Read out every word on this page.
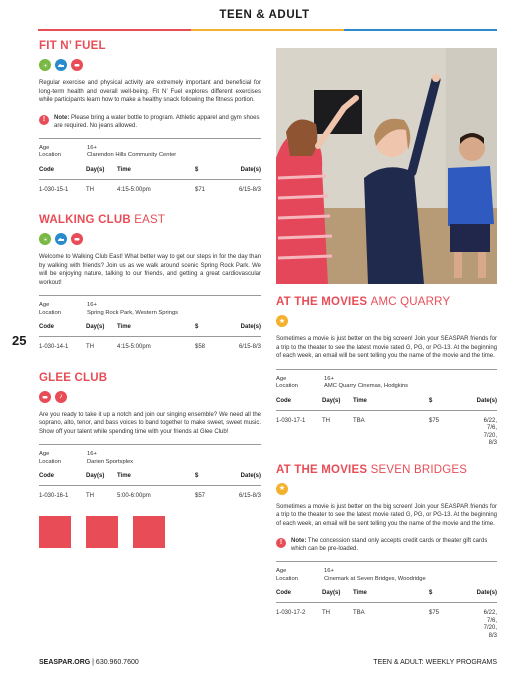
TEEN & ADULT
25
FIT N’ FUEL

Regular exercise and physical activity are extremely important and beneficial for long-term health and overall well-being. Fit N’ Fuel explores different exercises while participants learn how to make a healthy snack following the fitness portion.

!	Note: Please bring a water bottle to program. Athletic apparel and gym shoes are required. No jeans allowed.
Age	16+
Location	Clarendon Hills Community Center
Code	Day(s)	Time	$	Date(s)
1-030-15-1	TH	4:15-5:00pm	$71	6/15-8/3
WALKING CLUB EAST

Welcome to Walking Club East! What better way to get our steps in for the day than by walking with friends? Join us as we walk around scenic Spring Rock Park. We will be enjoying nature, talking to our friends, and getting a great cardiovascular workout!

Age	16+
Location	Spring Rock Park, Western Springs
Code	Day(s)	Time	$	Date(s)
1-030-14-1	TH	4:15-5:00pm	$58	6/15-8/3
GLEE CLUB
♪

Are you ready to take it up a notch and join our singing ensemble? We need all the soprano, alto, tenor, and bass voices to band together to make sweet, sweet music. Show off your talent while spending time with your friends at Glee Club!

Age	16+
Location	Darien Sportsplex
Code	Day(s)	Time	$	Date(s)
1-030-16-1	TH	5:00-6:00pm	$57	6/15-8/3
AT THE MOVIES AMC QUARRY
★

Sometimes a movie is just better on the big screen! Join your SEASPAR friends for a trip to the theater to see the latest movie rated G, PG, or PG-13. At the beginning of each week, an email will be sent telling you the name of the movie and the time.

Age	16+
Location	AMC Quarry Cinemas, Hodgkins
Code	Day(s)	Time	$	Date(s)
1-030-17-1	TH	TBA	$75	6/22, 7/6, 7/20, 8/3
AT THE MOVIES SEVEN BRIDGES
★

Sometimes a movie is just better on the big screen! Join your SEASPAR friends for a trip to the theater to see the latest movie rated G, PG, or PG-13. At the beginning of each week, an email will be sent telling you the name of the movie and the time.

!	Note: The concession stand only accepts credit cards or theater gift cards which can be pre-loaded.
Age	16+
Location	Cinemark at Seven Bridges, Woodridge
Code	Day(s)	Time	$	Date(s)
1-030-17-2	TH	TBA	$75	6/22, 7/6, 7/20, 8/3
SEASPAR.ORG | 630.960.7600	TEEN & ADULT: WEEKLY PROGRAMS
